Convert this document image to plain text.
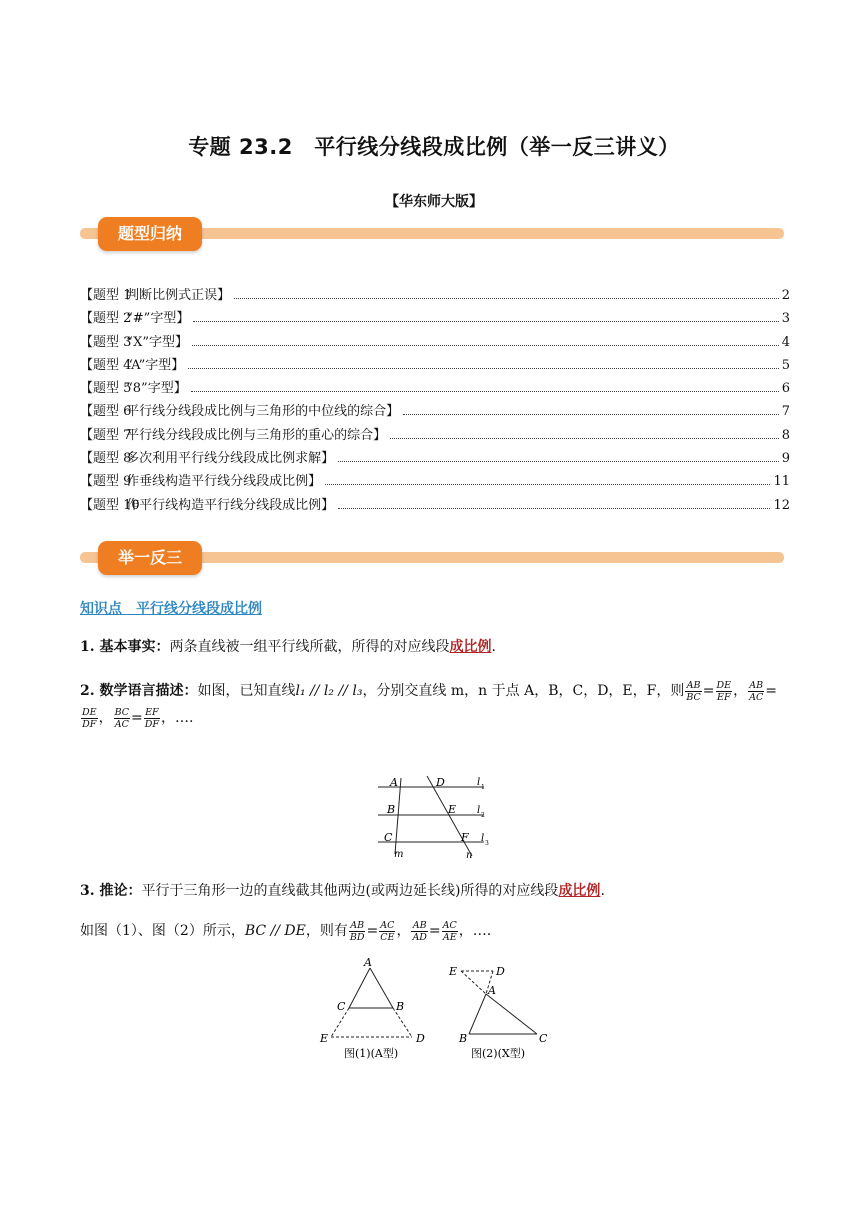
专题 23.2　平行线分线段成比例（举一反三讲义）
【华东师大版】
题型归纳
【题型 1 判断比例式正误】	2
【题型 2 “#”字型】	3
【题型 3 “X”字型】	4
【题型 4 “A”字型】	5
【题型 5 “8”字型】	6
【题型 6 平行线分线段成比例与三角形的中位线的综合】	7
【题型 7 平行线分线段成比例与三角形的重心的综合】	8
【题型 8 多次利用平行线分线段成比例求解】	9
【题型 9 作垂线构造平行线分线段成比例】	11
【题型 10 作平行线构造平行线分线段成比例】	12
举一反三
知识点　平行线分线段成比例
1. 基本事实：两条直线被一组平行线所截，所得的对应线段成比例.
2. 数学语言描述：如图，已知直线l₁ // l₂ // l₃，分别交直线 m，n 于点 A，B，C，D，E，F，则 $\frac{AB}{BC} = \frac{DE}{EF}$ ， $\frac{AB}{AC}$ =

$\frac{DE}{DF}$ ， $\frac{BC}{AC} = \frac{EF}{DF}$ ，….
A
B
C
D
E
F
l 1
l 2
l 3
m	n
3. 推论：平行于三角形一边的直线截其他两边(或两边延长线)所得的对应线段成比例.
如图（1）、图（2）所示，BC // DE，则有 $\frac{AB}{BD} = \frac{AC}{CE}$ ， $\frac{AB}{AD} = \frac{AC}{AE}$ ，….
A
C	B
E	D
图(1)(A型)
E	D
A
B	C
图(2)(X型)
